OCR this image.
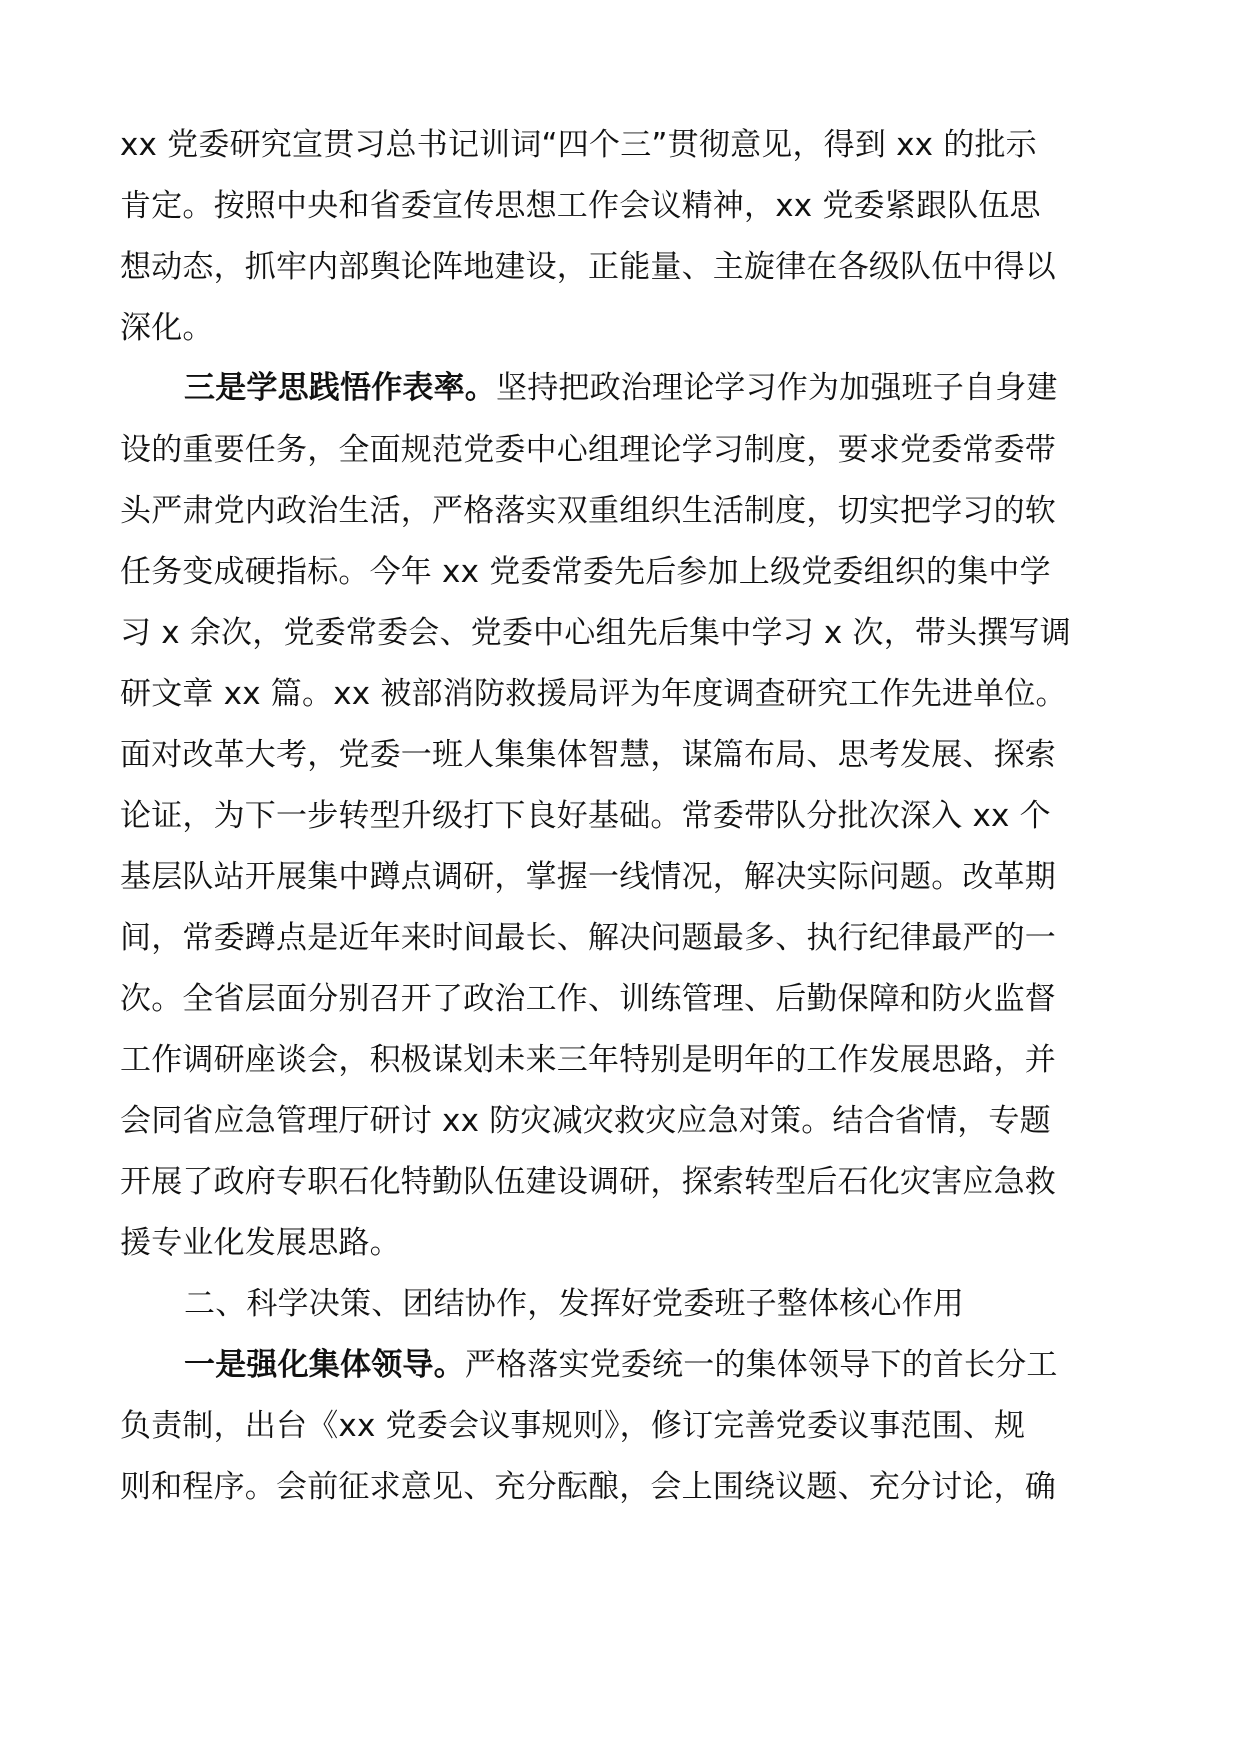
xx 党委研究宣贯习总书记训词“四个三”贯彻意见，得到 xx 的批示
肯定。按照中央和省委宣传思想工作会议精神，xx 党委紧跟队伍思
想动态，抓牢内部舆论阵地建设，正能量、主旋律在各级队伍中得以
深化。
三是学思践悟作表率。坚持把政治理论学习作为加强班子自身建
设的重要任务，全面规范党委中心组理论学习制度，要求党委常委带
头严肃党内政治生活，严格落实双重组织生活制度，切实把学习的软
任务变成硬指标。今年 xx 党委常委先后参加上级党委组织的集中学
习 x 余次，党委常委会、党委中心组先后集中学习 x 次，带头撰写调
研文章 xx 篇。xx 被部消防救援局评为年度调查研究工作先进单位。
面对改革大考，党委一班人集集体智慧，谋篇布局、思考发展、探索
论证，为下一步转型升级打下良好基础。常委带队分批次深入 xx 个
基层队站开展集中蹲点调研，掌握一线情况，解决实际问题。改革期
间，常委蹲点是近年来时间最长、解决问题最多、执行纪律最严的一
次。全省层面分别召开了政治工作、训练管理、后勤保障和防火监督
工作调研座谈会，积极谋划未来三年特别是明年的工作发展思路，并
会同省应急管理厅研讨 xx 防灾减灾救灾应急对策。结合省情，专题
开展了政府专职石化特勤队伍建设调研，探索转型后石化灾害应急救
援专业化发展思路。
二、科学决策、团结协作，发挥好党委班子整体核心作用
一是强化集体领导。严格落实党委统一的集体领导下的首长分工
负责制，出台《xx 党委会议事规则》，修订完善党委议事范围、规
则和程序。会前征求意见、充分酝酿，会上围绕议题、充分讨论，确
